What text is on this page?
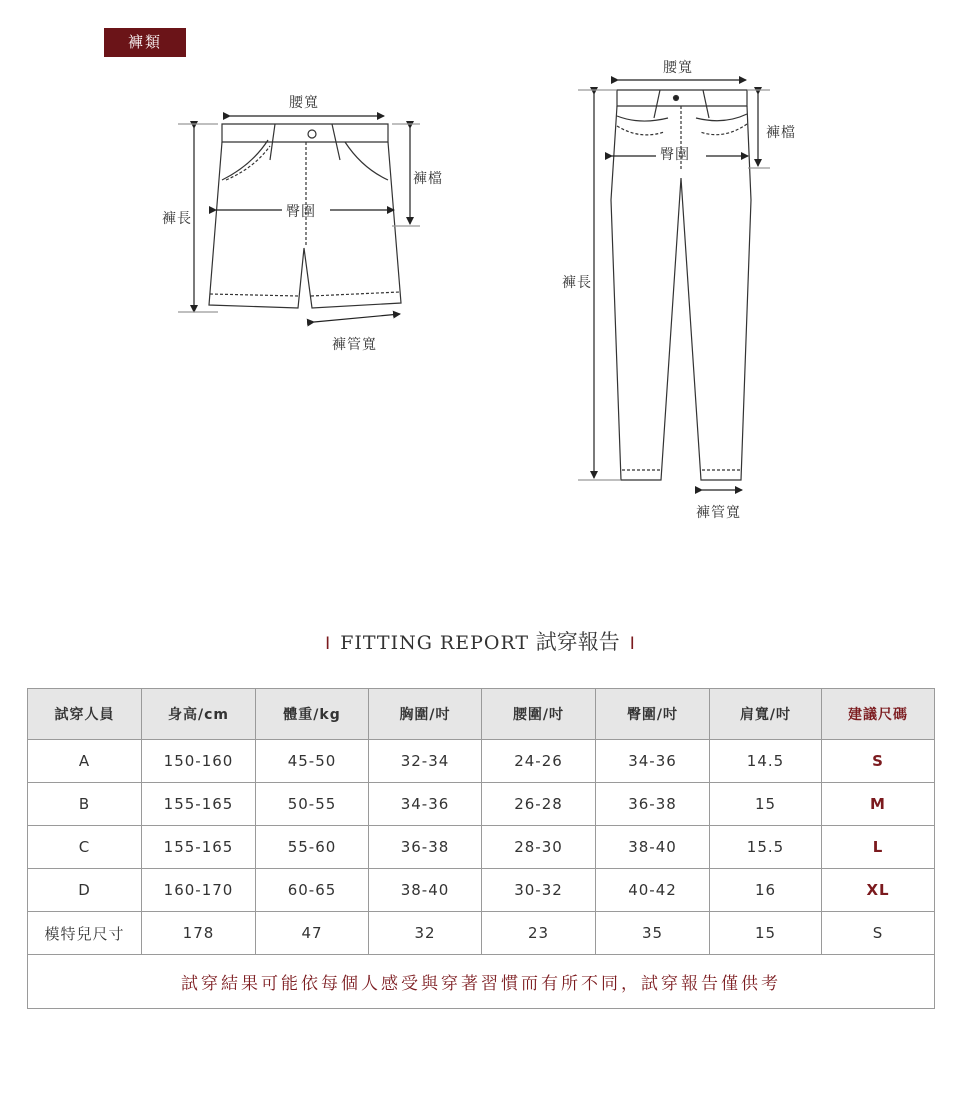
褲類
腰寬
褲檔
褲長	臀圍
褲管寬
腰寬
褲檔
臀圍
褲長
褲管寬
I FITTING REPORT 試穿報告 I
試穿人員	身高/cm	體重/kg	胸圍/吋	腰圍/吋	臀圍/吋	肩寬/吋	建議尺碼
A	150-160	45-50	32-34	24-26	34-36	14.5	S
B	155-165	50-55	34-36	26-28	36-38	15	M
C	155-165	55-60	36-38	28-30	38-40	15.5	L
D	160-170	60-65	38-40	30-32	40-42	16	XL
模特兒尺寸	178	47	32	23	35	15	S
試穿結果可能依每個人感受與穿著習慣而有所不同，試穿報告僅供考							
